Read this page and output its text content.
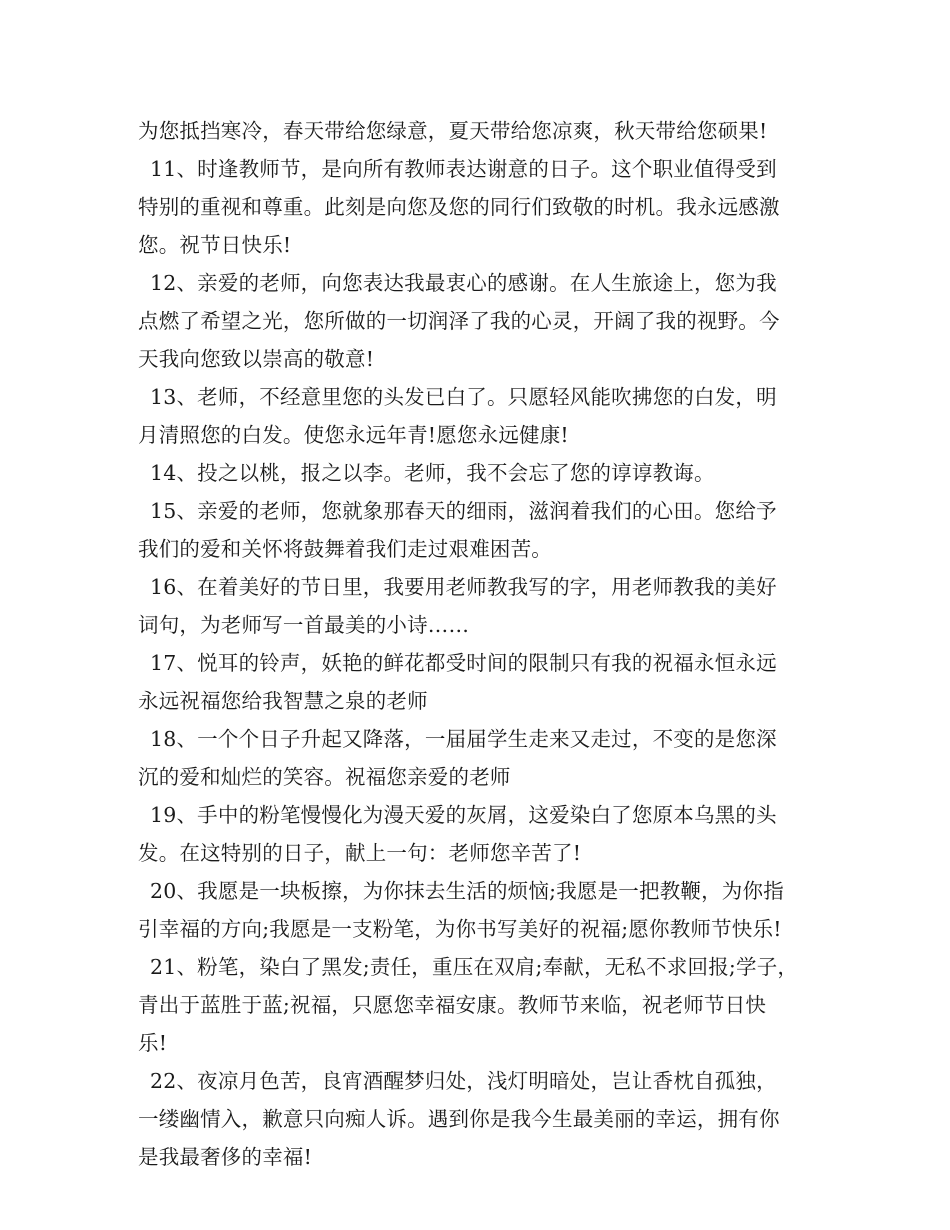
为您抵挡寒冷，春天带给您绿意，夏天带给您凉爽，秋天带给您硕果!
11、时逢教师节，是向所有教师表达谢意的日子。这个职业值得受到
特别的重视和尊重。此刻是向您及您的同行们致敬的时机。我永远感激
您。祝节日快乐!
12、亲爱的老师，向您表达我最衷心的感谢。在人生旅途上，您为我
点燃了希望之光，您所做的一切润泽了我的心灵，开阔了我的视野。今
天我向您致以崇高的敬意!
13、老师，不经意里您的头发已白了。只愿轻风能吹拂您的白发，明
月清照您的白发。使您永远年青!愿您永远健康!
14、投之以桃，报之以李。老师，我不会忘了您的谆谆教诲。
15、亲爱的老师，您就象那春天的细雨，滋润着我们的心田。您给予
我们的爱和关怀将鼓舞着我们走过艰难困苦。
16、在着美好的节日里，我要用老师教我写的字，用老师教我的美好
词句，为老师写一首最美的小诗……
17、悦耳的铃声，妖艳的鲜花都受时间的限制只有我的祝福永恒永远
永远祝福您给我智慧之泉的老师
18、一个个日子升起又降落，一届届学生走来又走过，不变的是您深
沉的爱和灿烂的笑容。祝福您亲爱的老师
19、手中的粉笔慢慢化为漫天爱的灰屑，这爱染白了您原本乌黑的头
发。在这特别的日子，献上一句：老师您辛苦了!
20、我愿是一块板擦，为你抹去生活的烦恼;我愿是一把教鞭，为你指
引幸福的方向;我愿是一支粉笔，为你书写美好的祝福;愿你教师节快乐!
21、粉笔，染白了黑发;责任，重压在双肩;奉献，无私不求回报;学子，
青出于蓝胜于蓝;祝福，只愿您幸福安康。教师节来临，祝老师节日快
乐!
22、夜凉月色苦，良宵酒醒梦归处，浅灯明暗处，岂让香枕自孤独，
一缕幽情入，歉意只向痴人诉。遇到你是我今生最美丽的幸运，拥有你
是我最奢侈的幸福!
